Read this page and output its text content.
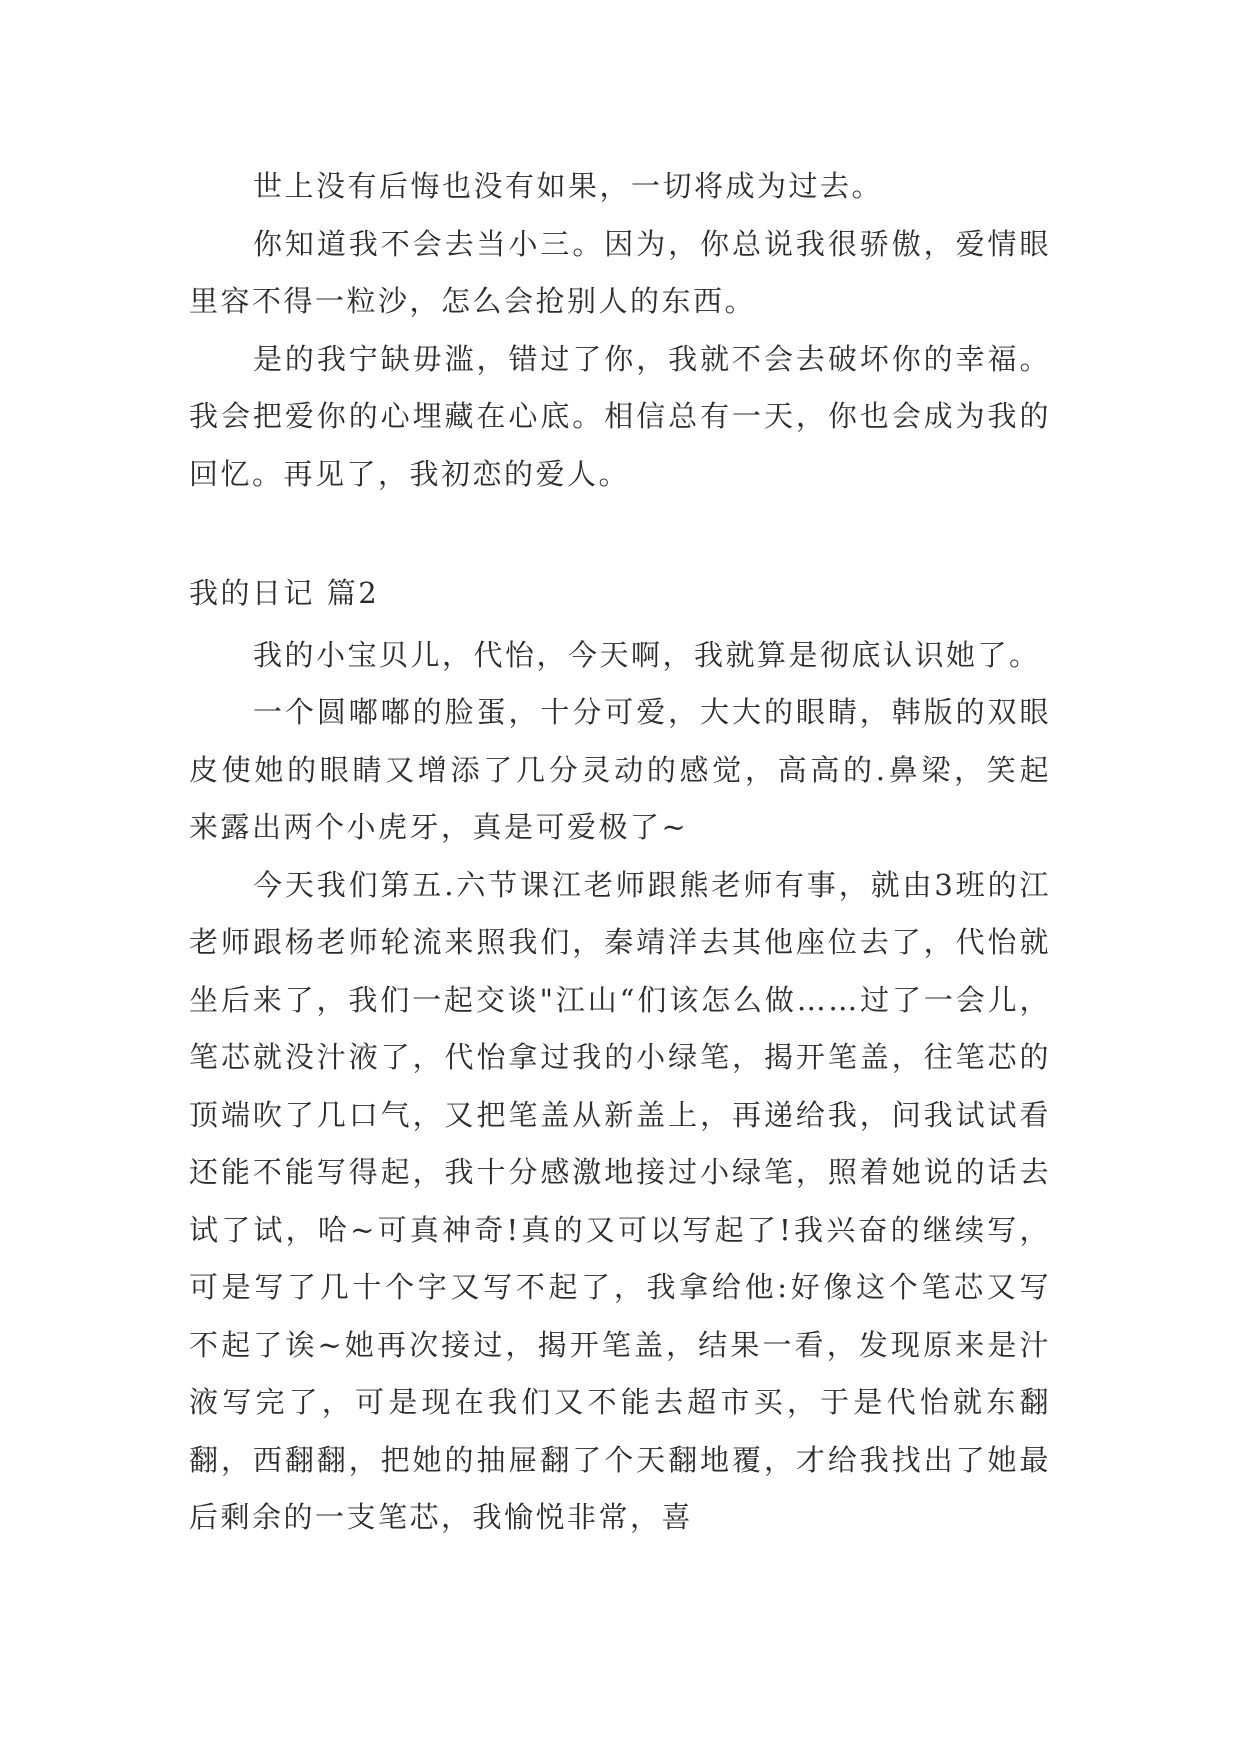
世上没有后悔也没有如果，一切将成为过去。

你知道我不会去当小三。因为，你总说我很骄傲，爱情眼里容不得一粒沙，怎么会抢别人的东西。

是的我宁缺毋滥，错过了你，我就不会去破坏你的幸福。我会把爱你的心埋藏在心底。相信总有一天，你也会成为我的回忆。再见了，我初恋的爱人。

我的日记 篇2

我的小宝贝儿，代怡，今天啊，我就算是彻底认识她了。

一个圆嘟嘟的脸蛋，十分可爱，大大的眼睛，韩版的双眼皮使她的眼睛又增添了几分灵动的感觉，高高的.鼻梁，笑起来露出两个小虎牙，真是可爱极了~

今天我们第五.六节课江老师跟熊老师有事，就由3班的江老师跟杨老师轮流来照我们，秦靖洋去其他座位去了，代怡就坐后来了，我们一起交谈"江山“们该怎么做……过了一会儿，笔芯就没汁液了，代怡拿过我的小绿笔，揭开笔盖，往笔芯的顶端吹了几口气，又把笔盖从新盖上，再递给我，问我试试看还能不能写得起，我十分感激地接过小绿笔，照着她说的话去试了试，哈~可真神奇!真的又可以写起了!我兴奋的继续写，可是写了几十个字又写不起了，我拿给他:好像这个笔芯又写不起了诶~她再次接过，揭开笔盖，结果一看，发现原来是汁液写完了，可是现在我们又不能去超市买，于是代怡就东翻翻，西翻翻，把她的抽屉翻了个天翻地覆，才给我找出了她最后剩余的一支笔芯，我愉悦非常，喜
